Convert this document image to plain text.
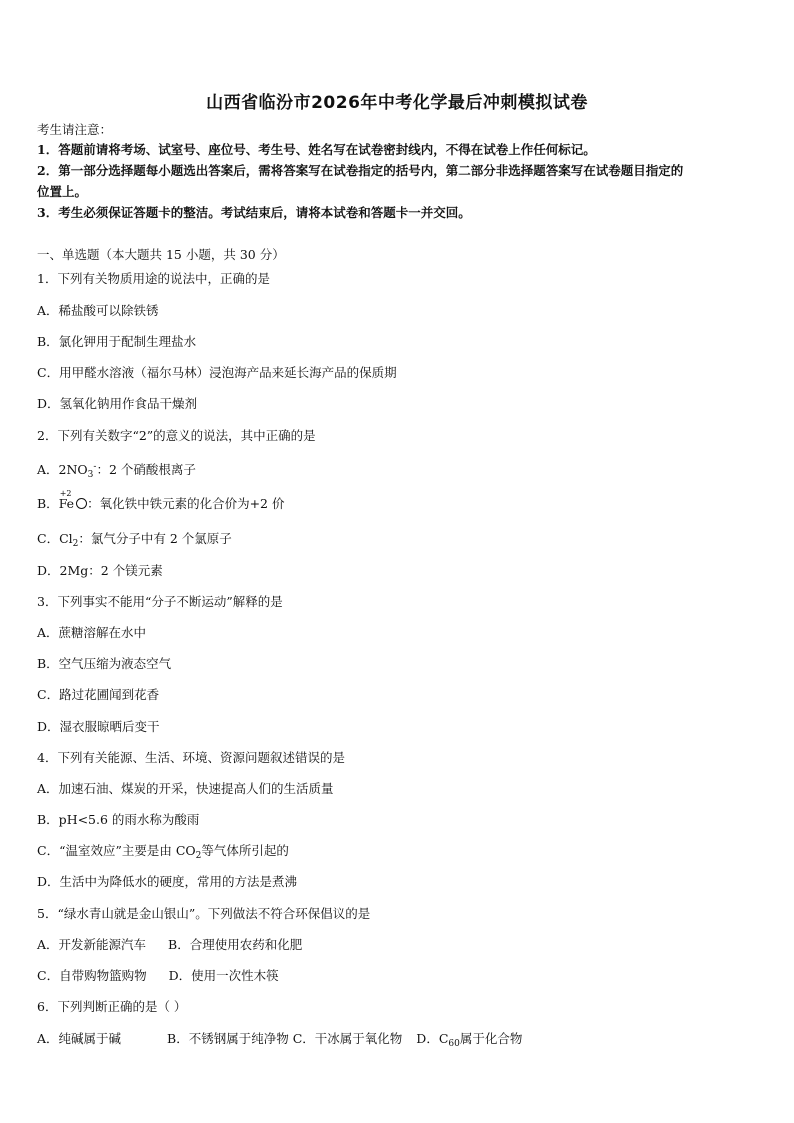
山西省临汾市2026年中考化学最后冲刺模拟试卷
考生请注意：
1．答题前请将考场、试室号、座位号、考生号、姓名写在试卷密封线内，不得在试卷上作任何标记。
2．第一部分选择题每小题选出答案后，需将答案写在试卷指定的括号内，第二部分非选择题答案写在试卷题目指定的
位置上。
3．考生必须保证答题卡的整洁。考试结束后，请将本试卷和答题卡一并交回。
一、单选题（本大题共 15 小题，共 30 分）
1．下列有关物质用途的说法中，正确的是
A．稀盐酸可以除铁锈
B．氯化钾用于配制生理盐水
C．用甲醛水溶液（福尔马林）浸泡海产品来延长海产品的保质期
D．氢氧化钠用作食品干燥剂
2．下列有关数字“2”的意义的说法，其中正确的是
A．$2NO_3^-$：2 个硝酸根离子
B．
+2
Fe ：氧化铁中铁元素的化合价为+2 价
C．$Cl_2$：氯气分子中有 2 个氯原子
D．2Mg：2 个镁元素
3．下列事实不能用“分子不断运动”解释的是
A．蔗糖溶解在水中
B．空气压缩为液态空气
C．路过花圃闻到花香
D．湿衣服晾晒后变干
4．下列有关能源、生活、环境、资源问题叙述错误的是
A．加速石油、煤炭的开采，快速提高人们的生活质量
B．pH<5.6 的雨水称为酸雨
C．“温室效应”主要是由 $CO_2$等气体所引起的
D．生活中为降低水的硬度，常用的方法是煮沸
5．“绿水青山就是金山银山”。下列做法不符合环保倡议的是
A．开发新能源汽车 B．合理使用农药和化肥
C．自带购物篮购物 D．使用一次性木筷
6．下列判断正确的是（ ）
A．纯碱属于碱	B．不锈钢属于纯净物 C．干冰属于氧化物 D．$C_{60}$属于化合物
